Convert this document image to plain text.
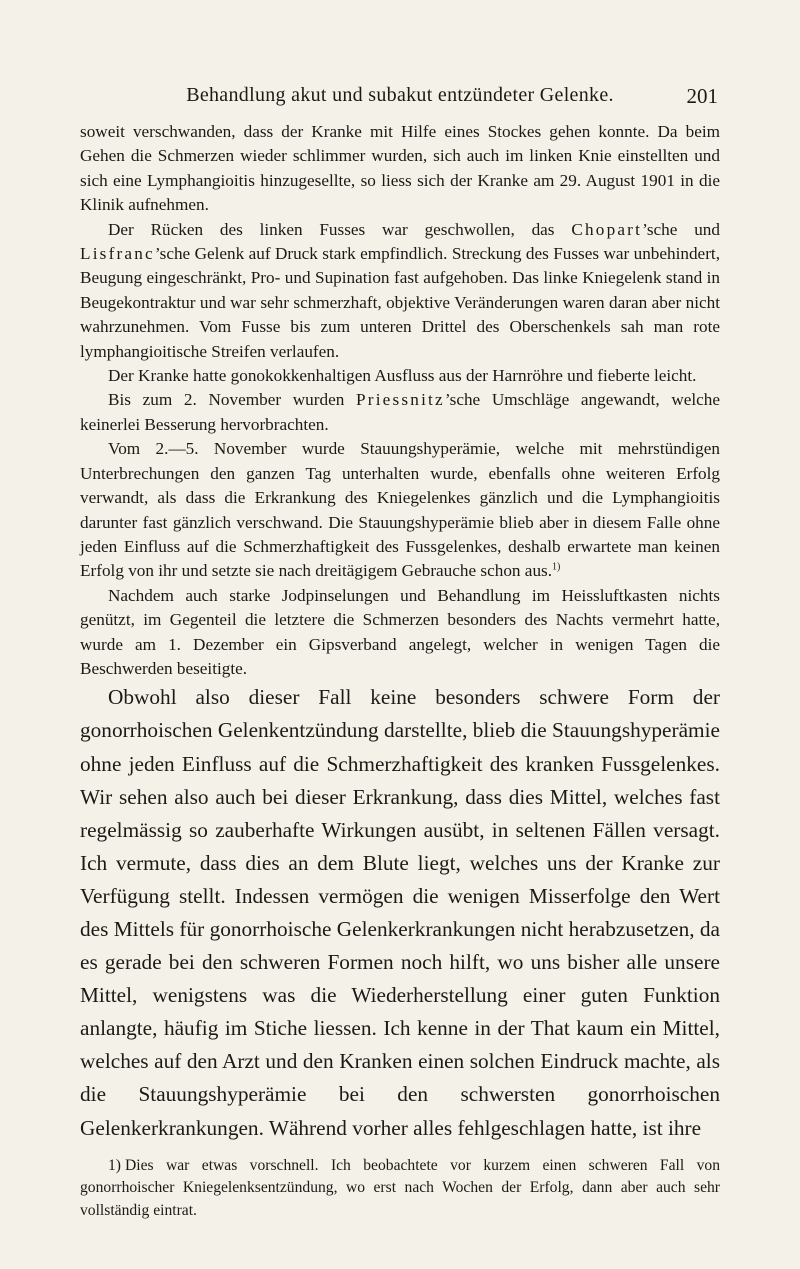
Behandlung akut und subakut entzündeter Gelenke.	201

soweit verschwanden, dass der Kranke mit Hilfe eines Stockes gehen konnte. Da beim Gehen die Schmerzen wieder schlimmer wurden, sich auch im linken Knie einstellten und sich eine Lymphangioitis hinzugesellte, so liess sich der Kranke am 29. August 1901 in die Klinik aufnehmen.

Der Rücken des linken Fusses war geschwollen, das Chopart’sche und Lisfranc’sche Gelenk auf Druck stark empfindlich. Streckung des Fusses war unbehindert, Beugung eingeschränkt, Pro- und Supination fast aufgehoben. Das linke Kniegelenk stand in Beugekontraktur und war sehr schmerzhaft, objektive Veränderungen waren daran aber nicht wahrzunehmen. Vom Fusse bis zum unteren Drittel des Oberschenkels sah man rote lymphangioitische Streifen verlaufen.

Der Kranke hatte gonokokkenhaltigen Ausfluss aus der Harnröhre und fieberte leicht.

Bis zum 2. November wurden Priessnitz’sche Umschläge angewandt, welche keinerlei Besserung hervorbrachten.

Vom 2.—5. November wurde Stauungshyperämie, welche mit mehrstündigen Unterbrechungen den ganzen Tag unterhalten wurde, ebenfalls ohne weiteren Erfolg verwandt, als dass die Erkrankung des Kniegelenkes gänzlich und die Lymphangioitis darunter fast gänzlich verschwand. Die Stauungshyperämie blieb aber in diesem Falle ohne jeden Einfluss auf die Schmerzhaftigkeit des Fussgelenkes, deshalb erwartete man keinen Erfolg von ihr und setzte sie nach dreitägigem Gebrauche schon aus.$^{1)}$

Nachdem auch starke Jodpinselungen und Behandlung im Heissluftkasten nichts genützt, im Gegenteil die letztere die Schmerzen besonders des Nachts vermehrt hatte, wurde am 1. Dezember ein Gipsverband angelegt, welcher in wenigen Tagen die Beschwerden beseitigte.

Obwohl also dieser Fall keine besonders schwere Form der gonorrhoischen Gelenkentzündung darstellte, blieb die Stauungshyperämie ohne jeden Einfluss auf die Schmerzhaftigkeit des kranken Fussgelenkes. Wir sehen also auch bei dieser Erkrankung, dass dies Mittel, welches fast regelmässig so zauberhafte Wirkungen ausübt, in seltenen Fällen versagt. Ich vermute, dass dies an dem Blute liegt, welches uns der Kranke zur Verfügung stellt. Indessen vermögen die wenigen Misserfolge den Wert des Mittels für gonorrhoische Gelenkerkrankungen nicht herabzusetzen, da es gerade bei den schweren Formen noch hilft, wo uns bisher alle unsere Mittel, wenigstens was die Wiederherstellung einer guten Funktion anlangte, häufig im Stiche liessen. Ich kenne in der That kaum ein Mittel, welches auf den Arzt und den Kranken einen solchen Eindruck machte, als die Stauungshyperämie bei den schwersten gonorrhoischen Gelenkerkrankungen. Während vorher alles fehlgeschlagen hatte, ist ihre

1) Dies war etwas vorschnell. Ich beobachtete vor kurzem einen schweren Fall von gonorrhoischer Kniegelenksentzündung, wo erst nach Wochen der Erfolg, dann aber auch sehr vollständig eintrat.
